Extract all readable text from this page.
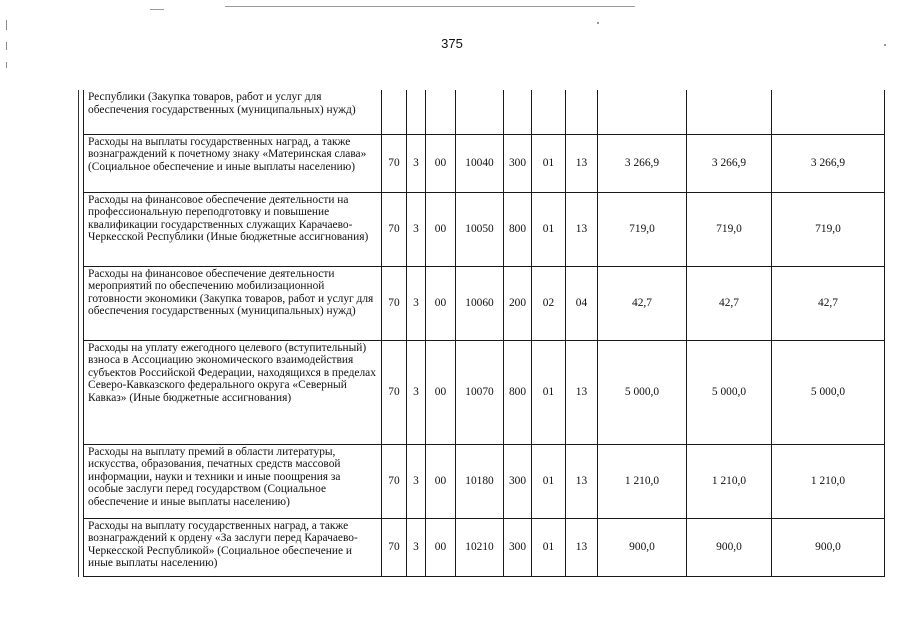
375
Республики (Закупка товаров, работ и услуг для обеспечения государственных (муниципальных) нужд)										
Расходы на выплаты государственных наград, а также вознаграждений к почетному знаку «Материнская слава» (Социальное обеспечение и иные выплаты населению)	70	3	00	10040	300	01	13	3 266,9	3 266,9	3 266,9
Расходы на финансовое обеспечение деятельности на профессиональную переподготовку и повышение квалификации государственных служащих Карачаево-Черкесской Республики (Иные бюджетные ассигнования)	70	3	00	10050	800	01	13	719,0	719,0	719,0
Расходы на финансовое обеспечение деятельности мероприятий по обеспечению мобилизационной готовности экономики (Закупка товаров, работ и услуг для обеспечения государственных (муниципальных) нужд)	70	3	00	10060	200	02	04	42,7	42,7	42,7
Расходы на уплату ежегодного целевого (вступительный) взноса в Ассоциацию экономического взаимодействия субъектов Российской Федерации, находящихся в пределах Северо-Кавказского федерального округа «Северный Кавказ» (Иные бюджетные ассигнования)	70	3	00	10070	800	01	13	5 000,0	5 000,0	5 000,0
Расходы на выплату премий в области литературы, искусства, образования, печатных средств массовой информации, науки и техники и иные поощрения за особые заслуги перед государством (Социальное обеспечение и иные выплаты населению)	70	3	00	10180	300	01	13	1 210,0	1 210,0	1 210,0
Расходы на выплату государственных наград, а также вознаграждений к ордену «За заслуги перед Карачаево-Черкесской Республикой» (Социальное обеспечение и иные выплаты населению)	70	3	00	10210	300	01	13	900,0	900,0	900,0
